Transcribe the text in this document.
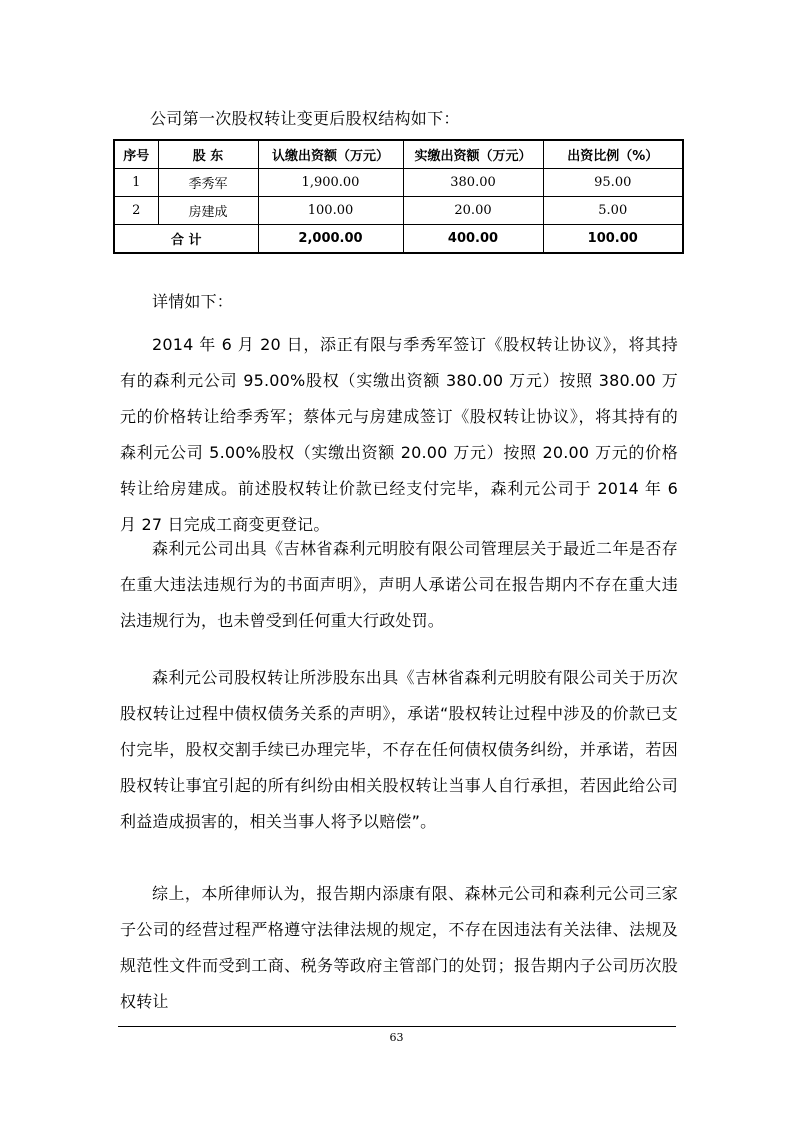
公司第一次股权转让变更后股权结构如下：
序号	股 东	认缴出资额（万元）	实缴出资额（万元）	出资比例（%）
1	季秀军	1,900.00	380.00	95.00
2	房建成	100.00	20.00	5.00
合 计		2,000.00	400.00	100.00

详情如下：

2014 年 6 月 20 日，添正有限与季秀军签订《股权转让协议》，将其持有的森利元公司 95.00%股权（实缴出资额 380.00 万元）按照 380.00 万元的价格转让给季秀军；蔡体元与房建成签订《股权转让协议》，将其持有的森利元公司 5.00%股权（实缴出资额 20.00 万元）按照 20.00 万元的价格转让给房建成。前述股权转让价款已经支付完毕，森利元公司于 2014 年 6 月 27 日完成工商变更登记。

森利元公司出具《吉林省森利元明胶有限公司管理层关于最近二年是否存在重大违法违规行为的书面声明》，声明人承诺公司在报告期内不存在重大违法违规行为，也未曾受到任何重大行政处罚。

森利元公司股权转让所涉股东出具《吉林省森利元明胶有限公司关于历次股权转让过程中债权债务关系的声明》，承诺“股权转让过程中涉及的价款已支付完毕，股权交割手续已办理完毕，不存在任何债权债务纠纷，并承诺，若因股权转让事宜引起的所有纠纷由相关股权转让当事人自行承担，若因此给公司利益造成损害的，相关当事人将予以赔偿”。

综上，本所律师认为，报告期内添康有限、森林元公司和森利元公司三家子公司的经营过程严格遵守法律法规的规定，不存在因违法有关法律、法规及规范性文件而受到工商、税务等政府主管部门的处罚；报告期内子公司历次股权转让

63
